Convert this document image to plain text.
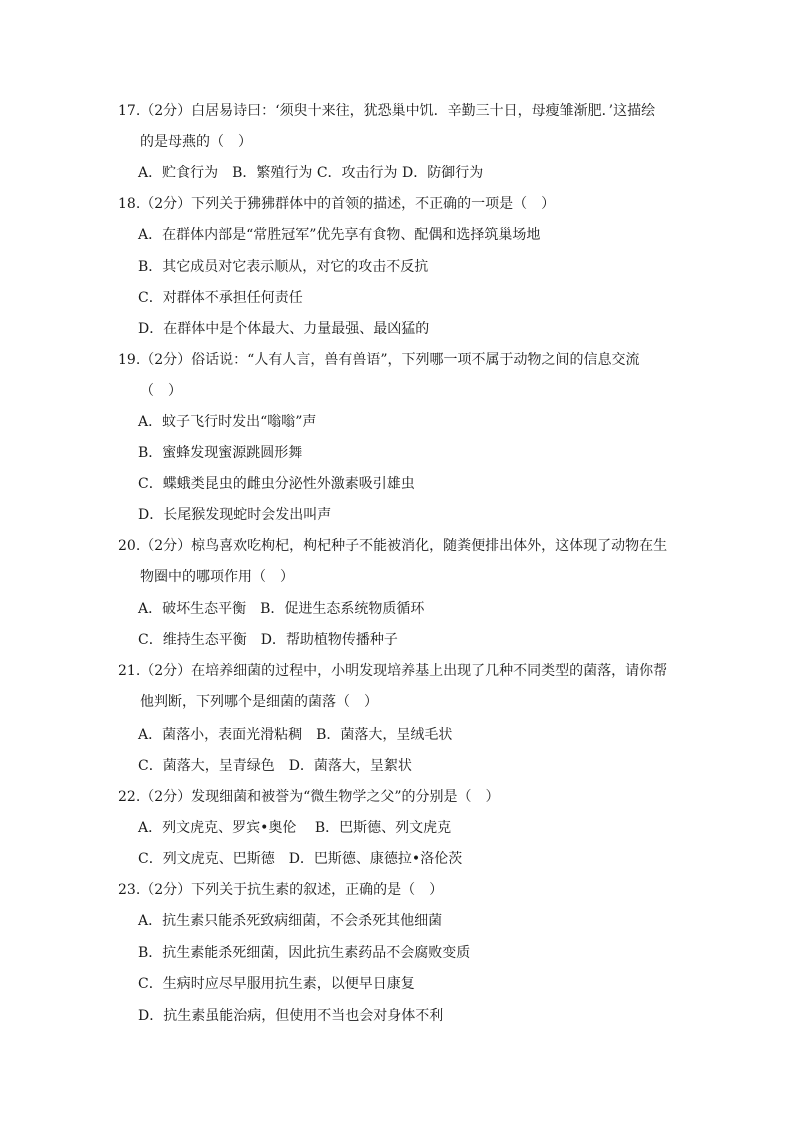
17.（2分）白居易诗曰：‘须臾十来往，犹恐巢中饥．辛勤三十日，母瘦雏渐肥．’这描绘
的是母燕的（　）
A．贮食行为　B．繁殖行为 C．攻击行为 D．防御行为
18.（2分）下列关于狒狒群体中的首领的描述，不正确的一项是（　）
A．在群体内部是“常胜冠军”优先享有食物、配偶和选择筑巢场地
B．其它成员对它表示顺从，对它的攻击不反抗
C．对群体不承担任何责任
D．在群体中是个体最大、力量最强、最凶猛的
19.（2分）俗话说：“人有人言，兽有兽语”，下列哪一项不属于动物之间的信息交流
（　）
A．蚊子飞行时发出“嗡嗡”声
B．蜜蜂发现蜜源跳圆形舞
C．蝶蛾类昆虫的雌虫分泌性外激素吸引雄虫
D．长尾猴发现蛇时会发出叫声
20.（2分）椋鸟喜欢吃枸杞，枸杞种子不能被消化，随粪便排出体外，这体现了动物在生
物圈中的哪项作用（　）
A．破坏生态平衡　B．促进生态系统物质循环
C．维持生态平衡　D．帮助植物传播种子
21.（2分）在培养细菌的过程中，小明发现培养基上出现了几种不同类型的菌落，请你帮
他判断，下列哪个是细菌的菌落（　）
A．菌落小，表面光滑粘稠　B．菌落大，呈绒毛状
C．菌落大，呈青绿色　D．菌落大，呈絮状
22.（2分）发现细菌和被誉为“微生物学之父”的分别是（　）
A．列文虎克、罗宾•奥伦　 B．巴斯德、列文虎克
C．列文虎克、巴斯德　D．巴斯德、康德拉•洛伦茨
23.（2分）下列关于抗生素的叙述，正确的是（　）
A．抗生素只能杀死致病细菌，不会杀死其他细菌
B．抗生素能杀死细菌，因此抗生素药品不会腐败变质
C．生病时应尽早服用抗生素，以便早日康复
D．抗生素虽能治病，但使用不当也会对身体不利
